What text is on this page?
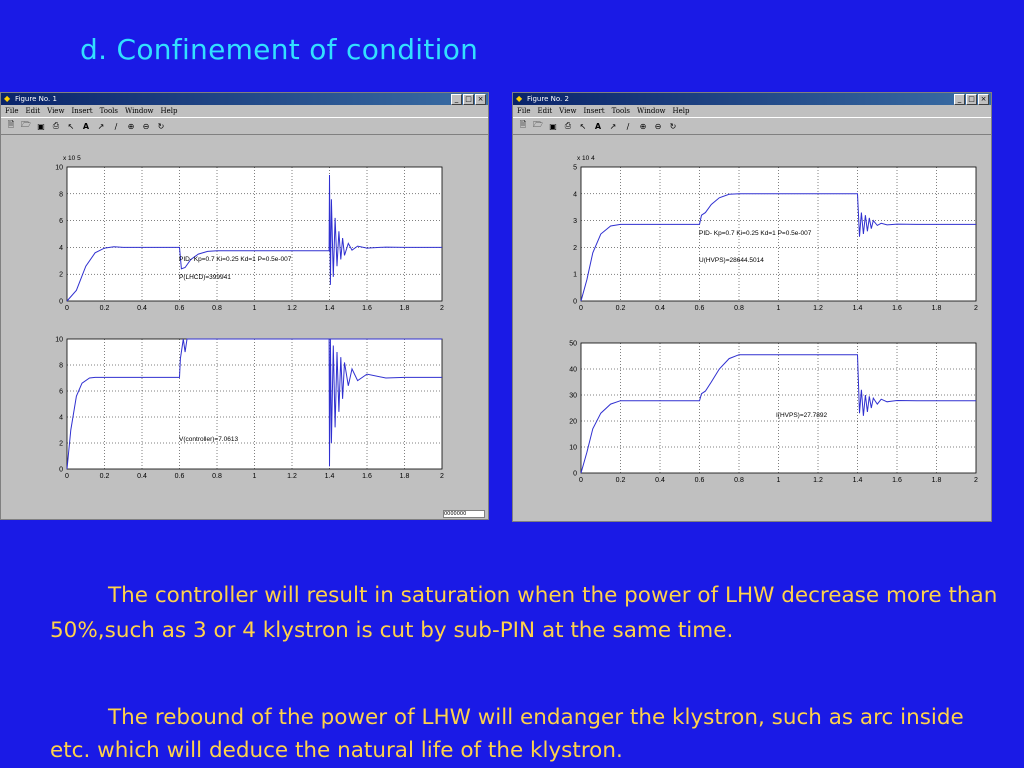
d. Confinement of condition
◆ Figure No. 1	_ □ ×
File Edit View Insert Tools Window Help
🗎 🗁 ▣ ⎙ ↖ A ↗	∕	⊕ ⊖ ↻
0	0.2	0.4	0.6	0.8	1	1.2	1.4	1.6	1.8	2
0
2
4
6
8
10
x 10 5
PID- Kp=0.7 Ki=0.25 Kd=1 P=0.5e-007
P(LHCD)=399941
0	0.2	0.4	0.6	0.8	1	1.2	1.4	1.6	1.8	2
0
2
4
6
8
10
V(controller)=7.0613
0000000
◆ Figure No. 2	_ □ ×
File Edit View Insert Tools Window Help
🗎 🗁 ▣ ⎙ ↖ A ↗	∕	⊕ ⊖ ↻
0	0.2	0.4	0.6	0.8	1	1.2	1.4	1.6	1.8	2
0
1
2
3
4
5
x 10 4
PID- Kp=0.7 Ki=0.25 Kd=1 P=0.5e-007
U(HVPS)=28644.5014
0	0.2	0.4	0.6	0.8	1	1.2	1.4	1.6	1.8	2
0
10
20
30
40
50
I(HVPS)=27.7892
The controller will result in saturation when the power of LHW decrease more than 50%,such as 3 or 4 klystron is cut by sub-PIN at the same time.
The rebound of the power of LHW will endanger the klystron, such as arc inside etc. which will deduce the natural life of the klystron.
